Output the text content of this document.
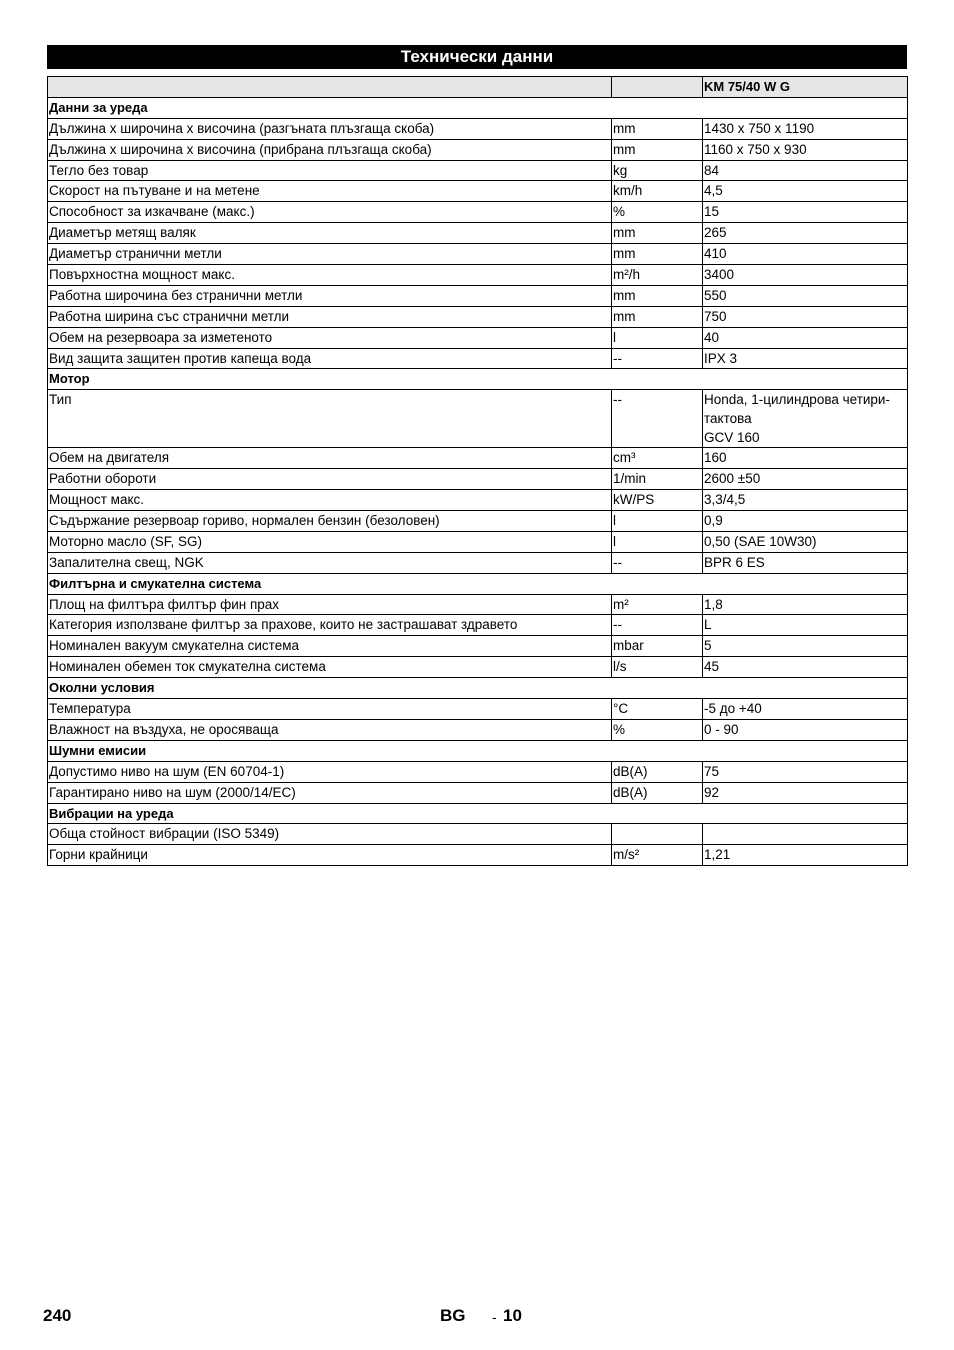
Технически данни
		KM 75/40 W G
Данни за уреда		
Дължина x широчина x височина (разгъната плъзгаща скоба)	mm	1430 x 750 x 1190
Дължина x широчина x височина (прибрана плъзгаща скоба)	mm	1160 x 750 x 930
Тегло без товар	kg	84
Скорост на пътуване и на метене	km/h	4,5
Способност за изкачване (макс.)	%	15
Диаметър метящ валяк	mm	265
Диаметър странични метли	mm	410
Повърхностна мощност макс.	m²/h	3400
Работна широчина без странични метли	mm	550
Работна ширина със странични метли	mm	750
Обем на резервоара за изметеното	l	40
Вид защита защитен против капеща вода	--	IPX 3
Мотор		
Тип	--	Honda, 1-цилиндрова четири-
тактова
GCV 160

Обем на двигателя	cm³	160
Работни обороти	1/min	2600 ±50
Мощност макс.	kW/PS	3,3/4,5
Съдържание резервоар гориво, нормален бензин (безоловен)	l	0,9
Моторно масло (SF, SG)	l	0,50 (SAE 10W30)
Запалителна свещ, NGK	--	BPR 6 ES
Филтърна и смукателна система		
Площ на филтъра филтър фин прах	m²	1,8
Категория използване филтър за прахове, които не застрашават здравето	--	L
Номинален вакуум смукателна система	mbar	5
Номинален обемен ток смукателна система	l/s	45
Околни условия		
Температура	°C	-5 до +40
Влажност на въздуха, не оросяваща	%	0 - 90
Шумни емисии		
Допустимо ниво на шум (EN 60704-1)	dB(A)	75
Гарантирано ниво на шум (2000/14/EC)	dB(A)	92
Вибрации на уреда		
Обща стойност вибрации (ISO 5349)		
Горни крайници	m/s²	1,21
240	BG - 10
